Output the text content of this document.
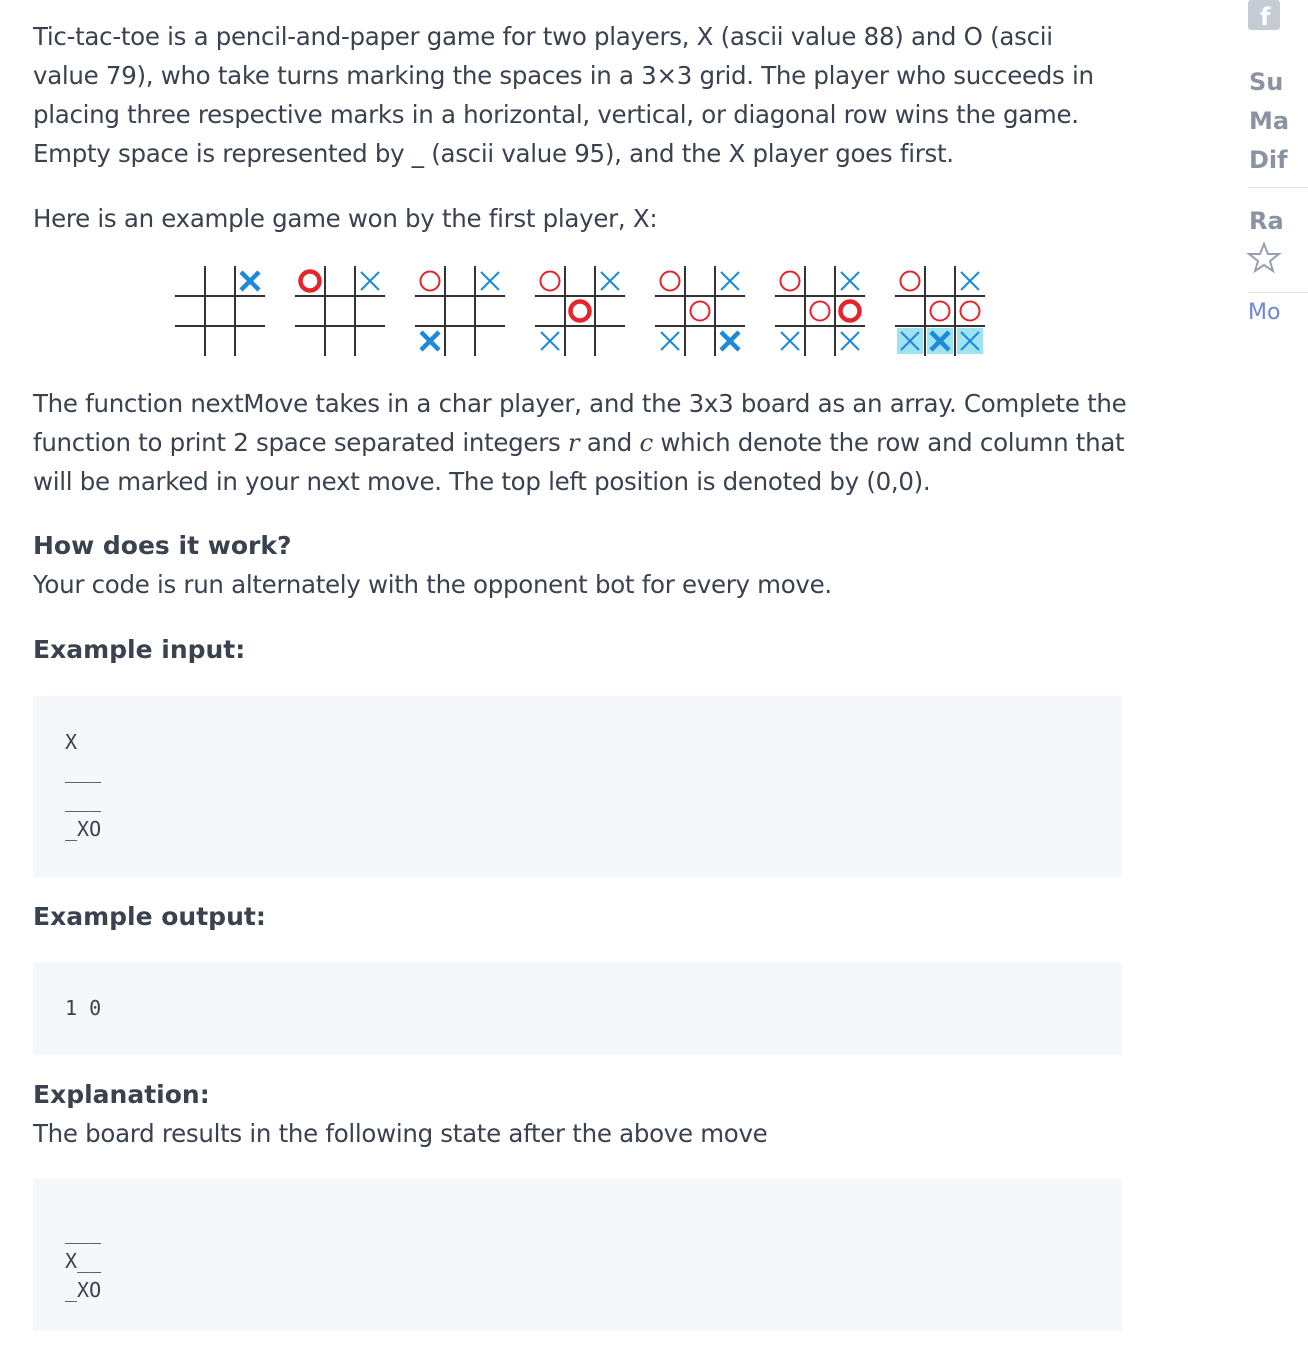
Tic-tac-toe is a pencil-and-paper game for two players, X (ascii value 88) and O (ascii value 79), who take turns marking the spaces in a 3×3 grid. The player who succeeds in placing three respective marks in a horizontal, vertical, or diagonal row wins the game. Empty space is represented by _ (ascii value 95), and the X player goes first.

Here is an example game won by the first player, X:

The function nextMove takes in a char player, and the 3x3 board as an array. Complete the function to print 2 space separated integers r and c which denote the row and column that will be marked in your next move. The top left position is denoted by (0,0).

How does it work?

Your code is run alternately with the opponent bot for every move.

Example input:
X
___
___
_XO
Example output:
1 0
Explanation:

The board results in the following state after the above move

___
X__
_XO
f
Su
Ma
Dif
Ra
Mo
